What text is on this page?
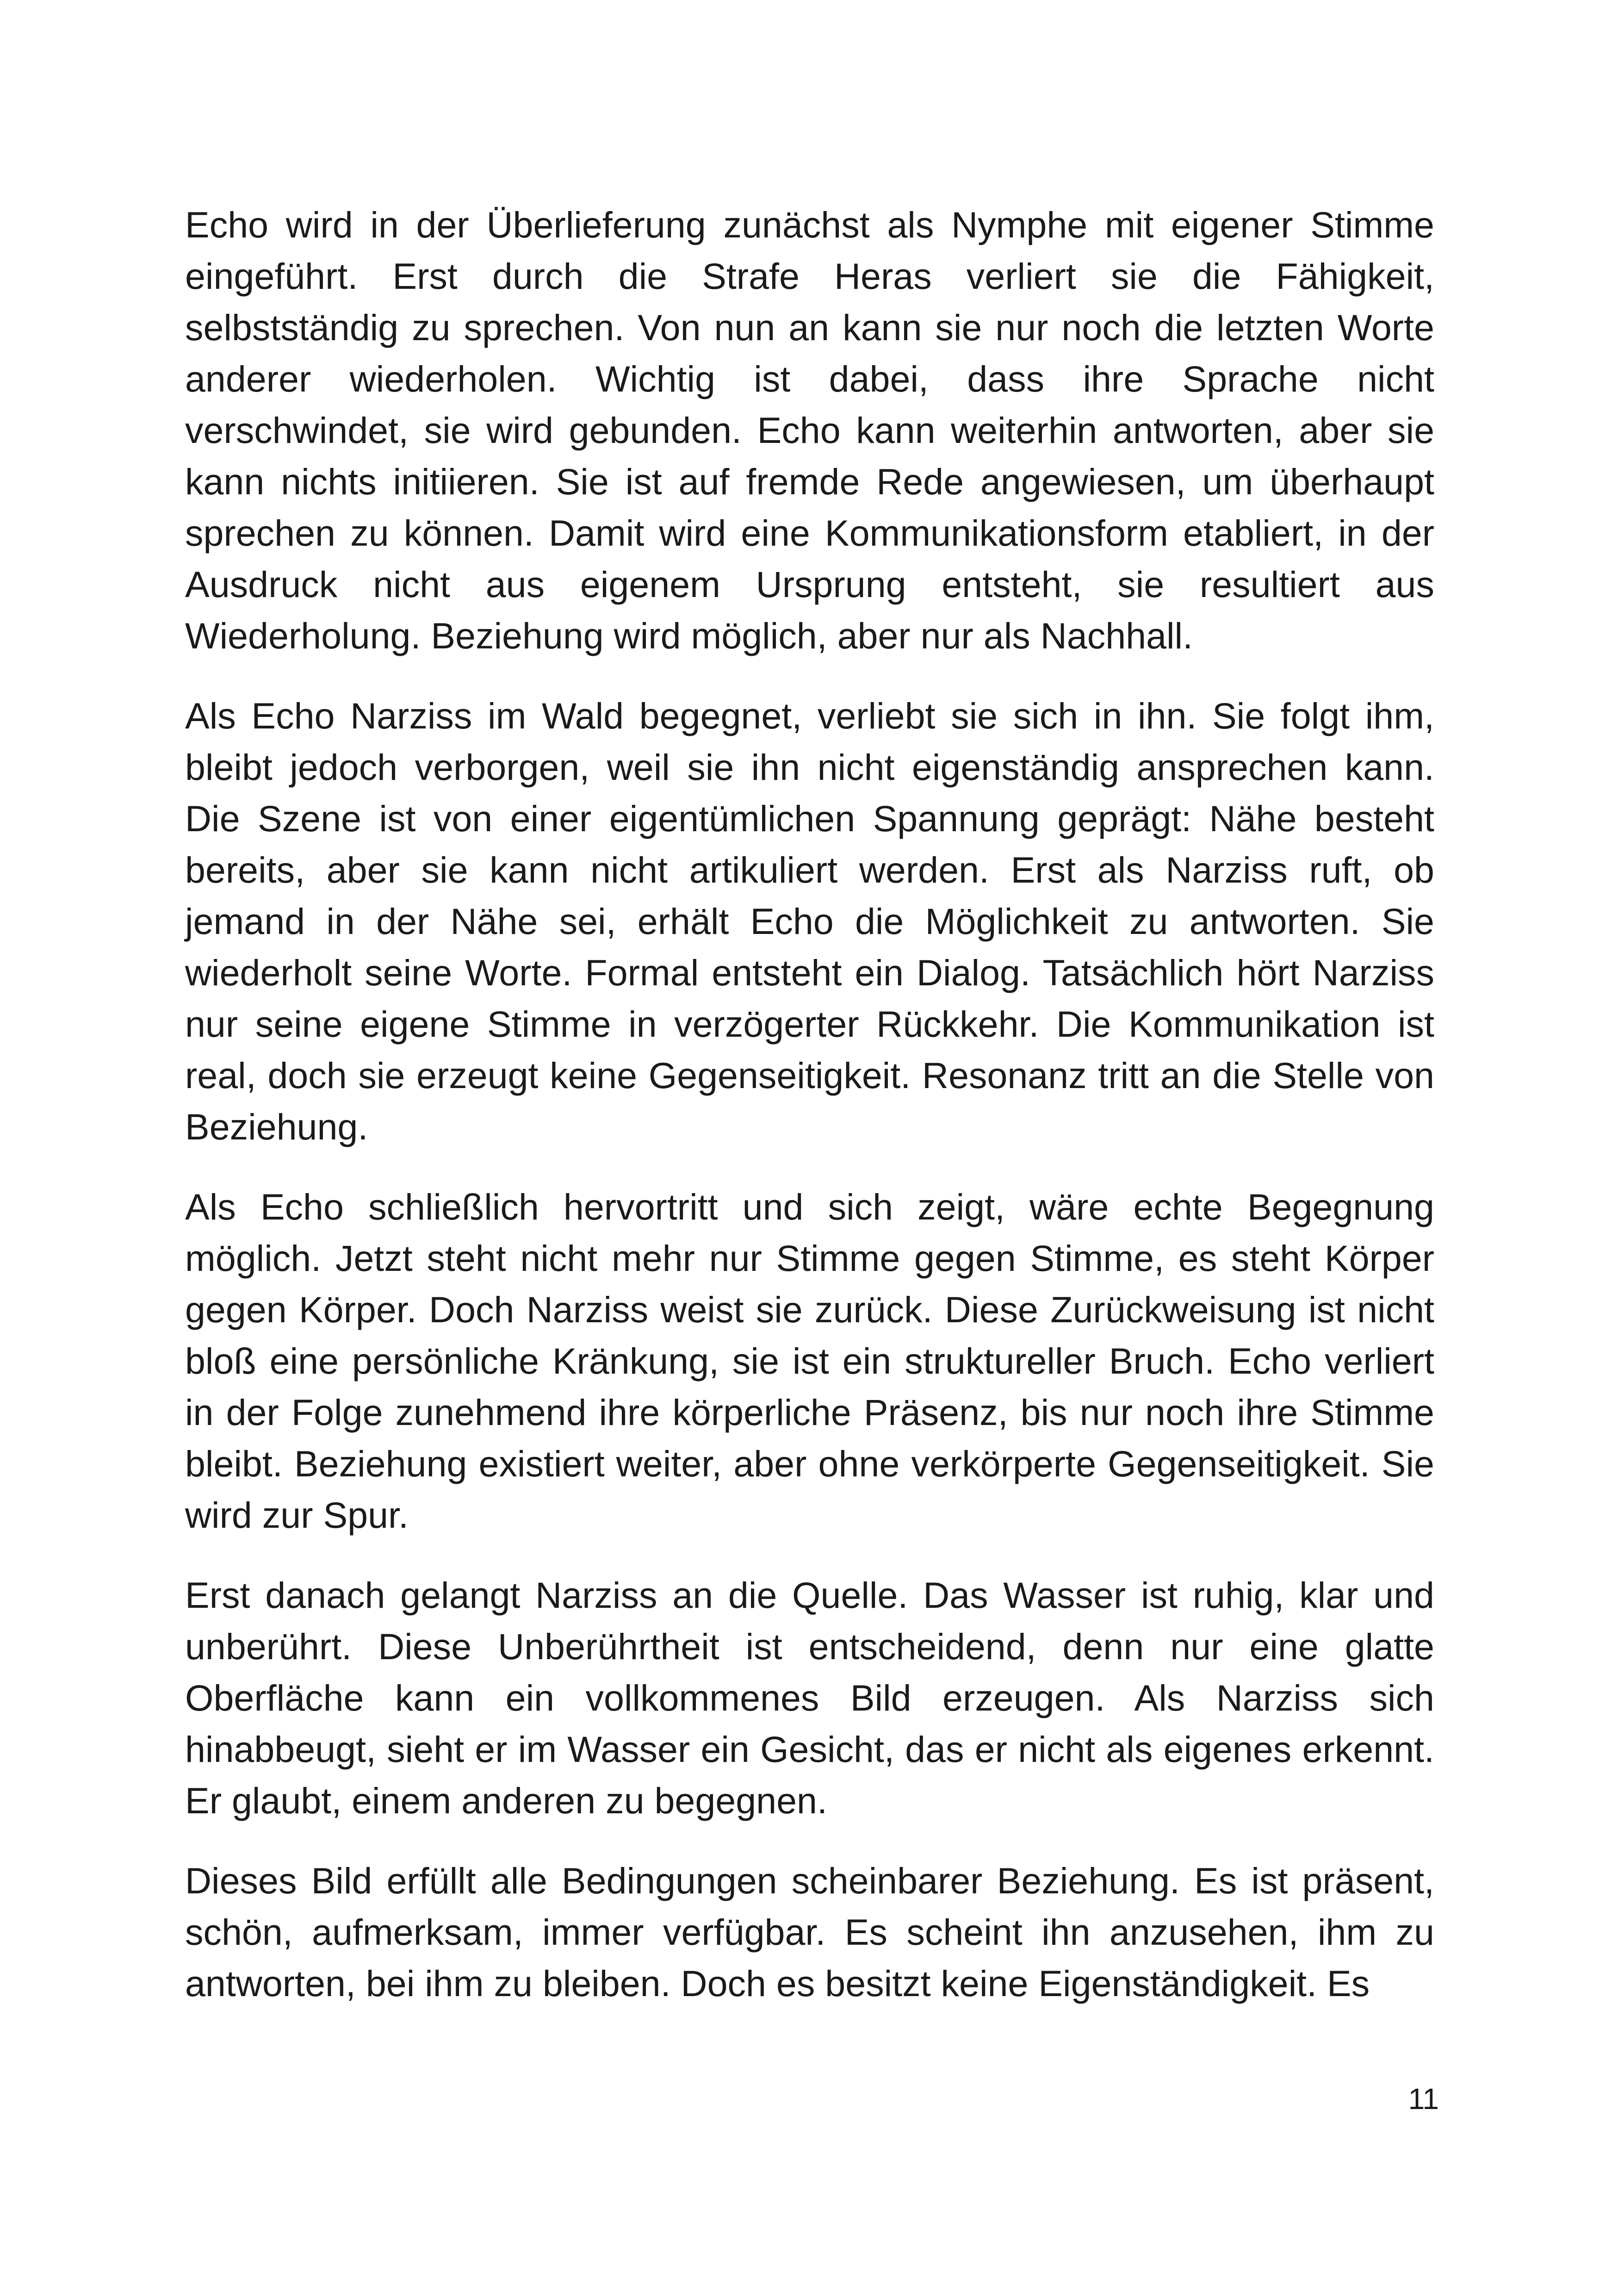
Echo wird in der Überlieferung zunächst als Nymphe mit eigener Stimme eingeführt. Erst durch die Strafe Heras verliert sie die Fähigkeit, selbstständig zu sprechen. Von nun an kann sie nur noch die letzten Worte anderer wiederholen. Wichtig ist dabei, dass ihre Sprache nicht verschwindet, sie wird gebunden. Echo kann weiterhin antworten, aber sie kann nichts initiieren. Sie ist auf fremde Rede angewiesen, um überhaupt sprechen zu können. Damit wird eine Kommunikationsform etabliert, in der Ausdruck nicht aus eigenem Ursprung entsteht, sie resultiert aus Wiederholung. Beziehung wird möglich, aber nur als Nachhall.

Als Echo Narziss im Wald begegnet, verliebt sie sich in ihn. Sie folgt ihm, bleibt jedoch verborgen, weil sie ihn nicht eigenständig ansprechen kann. Die Szene ist von einer eigentümlichen Spannung geprägt: Nähe besteht bereits, aber sie kann nicht artikuliert werden. Erst als Narziss ruft, ob jemand in der Nähe sei, erhält Echo die Möglichkeit zu antworten. Sie wiederholt seine Worte. Formal entsteht ein Dialog. Tatsächlich hört Narziss nur seine eigene Stimme in verzögerter Rückkehr. Die Kommunikation ist real, doch sie erzeugt keine Gegenseitigkeit. Resonanz tritt an die Stelle von Beziehung.

Als Echo schließlich hervortritt und sich zeigt, wäre echte Begegnung möglich. Jetzt steht nicht mehr nur Stimme gegen Stimme, es steht Körper gegen Körper. Doch Narziss weist sie zurück. Diese Zurückweisung ist nicht bloß eine persönliche Kränkung, sie ist ein struktureller Bruch. Echo verliert in der Folge zunehmend ihre körperliche Präsenz, bis nur noch ihre Stimme bleibt. Beziehung existiert weiter, aber ohne verkörperte Gegenseitigkeit. Sie wird zur Spur.

Erst danach gelangt Narziss an die Quelle. Das Wasser ist ruhig, klar und unberührt. Diese Unberührtheit ist entscheidend, denn nur eine glatte Oberfläche kann ein vollkommenes Bild erzeugen. Als Narziss sich hinabbeugt, sieht er im Wasser ein Gesicht, das er nicht als eigenes erkennt. Er glaubt, einem anderen zu begegnen.

Dieses Bild erfüllt alle Bedingungen scheinbarer Beziehung. Es ist präsent, schön, aufmerksam, immer verfügbar. Es scheint ihn anzusehen, ihm zu antworten, bei ihm zu bleiben. Doch es besitzt keine Eigenständigkeit. Es

11
